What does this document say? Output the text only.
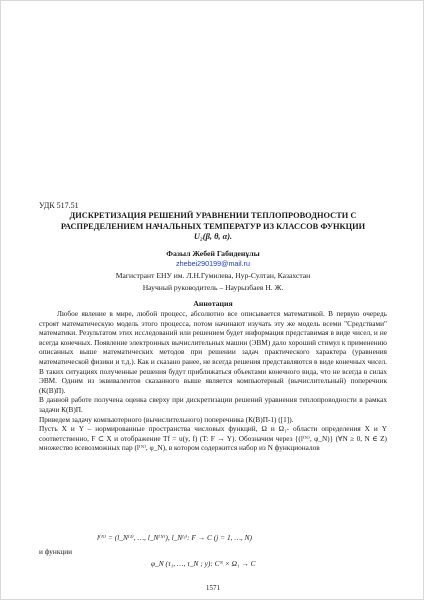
УДК 517.51
ДИСКРЕТИЗАЦИЯ РЕШЕНИЙ УРАВНЕНИИ ТЕПЛОПРОВОДНОСТИ С РАСПРЕДЕЛЕНИЕМ НАЧАЛЬНЫХ ТЕМПЕРАТУР ИЗ КЛАССОВ ФУНКЦИИ
U₂(β, θ, α).
Фазыл Жебей Габиденұлы
zhebei290199@mail.ru
Магистрант ЕНУ им. Л.Н.Гумилева, Нур-Султан, Казахстан
Научный руководитель – Наурызбаев Н. Ж.
Аннотация

Любое явление в мире, любой процесс, абсолютно все описывается математикой. В первую очередь строят математическую модель этого процесса, потом начинают изучать эту же модель всеми "Средствами" математики. Результатом этих исследований или решением будет информация представимая в виде чисел, и не всегда конечных. Появление электронных вычислительных машин (ЭВМ) дало хороший стимул к применению описанных выше математических методов при решении задач практического характера (уравнения математической физики и т.д.). Как и сказано ранее, не всегда решения представляются в виде конечных чисел. В таких ситуациях полученные решения будут приближаться объектами конечного вида, что не всегда в силах ЭВМ. Одним из эквивалентов сказанного выше является компьютерный (вычислительный) поперечник (К(В)П).

В данной работе получена оценка сверху при дискретизации решений уравнения теплопроводности в рамках задачи К(В)П.

Приведем задачу компьютерного (вычислительного) поперечника (К(В)П-1) ([1]).

Пусть X и Y – нормированные пространства числовых функций, Ω и Ω₁- области определения X и Y соответственно, F ⊂ X и отображение Tf = u(y, f) (T: F → Y). Обозначим через {(l⁽ᴺ⁾, φ_N)} (∀N ≥ 0, N ∈ Z) множество всевозможных пар (l⁽ᴺ⁾, φ_N), в котором содержится набор из N функционалов

l⁽ᴺ⁾ = (l_N⁽¹⁾, …, l_N⁽ᴺ⁾), l_N⁽ʲ⁾: F → C (j = 1, …, N)
и функции
φ_N (τ₁, …, τ_N ; y): Cᴺ × Ω₁ → C
1571
